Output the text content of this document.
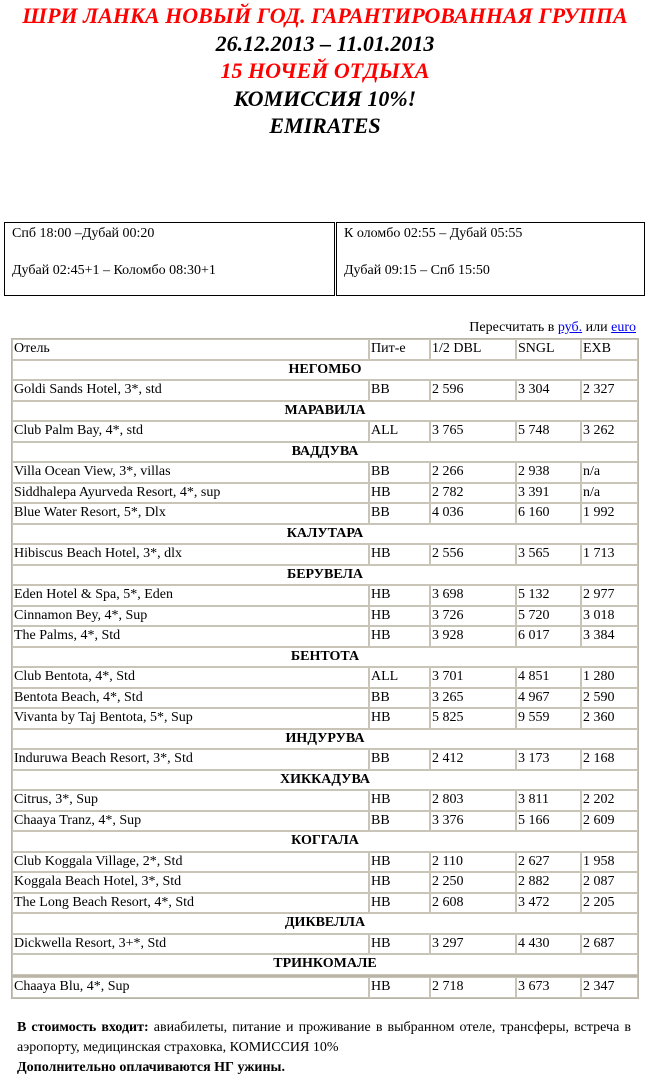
ШРИ ЛАНКА НОВЫЙ ГОД. ГАРАНТИРОВАННАЯ ГРУППА
26.12.2013 – 11.01.2013
15 НОЧЕЙ ОТДЫХА
КОМИССИЯ 10%!
EMIRATES
Спб 18:00 –Дубай 00:20
Дубай 02:45+1 – Коломбо 08:30+1
К оломбо 02:55 – Дубай 05:55
Дубай 09:15 – Спб 15:50
Пересчитать в руб. или euro
Отель	Пит-е	1/2 DBL	SNGL	EXB
НЕГОМБО				
Goldi Sands Hotel, 3*, std	BB	2 596	3 304	2 327
МАРАВИЛА				
Club Palm Bay, 4*, std	ALL	3 765	5 748	3 262
ВАДДУВА				
Villa Ocean View, 3*, villas	BB	2 266	2 938	n/a
Siddhalepa Ayurveda Resort, 4*, sup	HB	2 782	3 391	n/a
Blue Water Resort, 5*, Dlx	BB	4 036	6 160	1 992
КАЛУТАРА				
Hibiscus Beach Hotel, 3*, dlx	HB	2 556	3 565	1 713
БЕРУВЕЛА				
Eden Hotel & Spa, 5*, Eden	HB	3 698	5 132	2 977
Cinnamon Bey, 4*, Sup	HB	3 726	5 720	3 018
The Palms, 4*, Std	HB	3 928	6 017	3 384
БЕНТОТА				
Club Bentota, 4*, Std	ALL	3 701	4 851	1 280
Bentota Beach, 4*, Std	BB	3 265	4 967	2 590
Vivanta by Taj Bentota, 5*, Sup	HB	5 825	9 559	2 360
ИНДУРУВА				
Induruwa Beach Resort, 3*, Std	BB	2 412	3 173	2 168
ХИККАДУВА				
Citrus, 3*, Sup	HB	2 803	3 811	2 202
Chaaya Tranz, 4*, Sup	BB	3 376	5 166	2 609
КОГГАЛА				
Club Koggala Village, 2*, Std	HB	2 110	2 627	1 958
Koggala Beach Hotel, 3*, Std	HB	2 250	2 882	2 087
The Long Beach Resort, 4*, Std	HB	2 608	3 472	2 205
ДИКВЕЛЛА				
Dickwella Resort, 3+*, Std	HB	3 297	4 430	2 687
ТРИНКОМАЛЕ				
Chaaya Blu, 4*, Sup	HB	2 718	3 673	2 347
В стоимость входит: авиабилеты, питание и проживание в выбранном отеле, трансферы, встреча в аэропорту, медицинская страховка, КОМИССИЯ 10%
Дополнительно оплачиваются НГ ужины.
